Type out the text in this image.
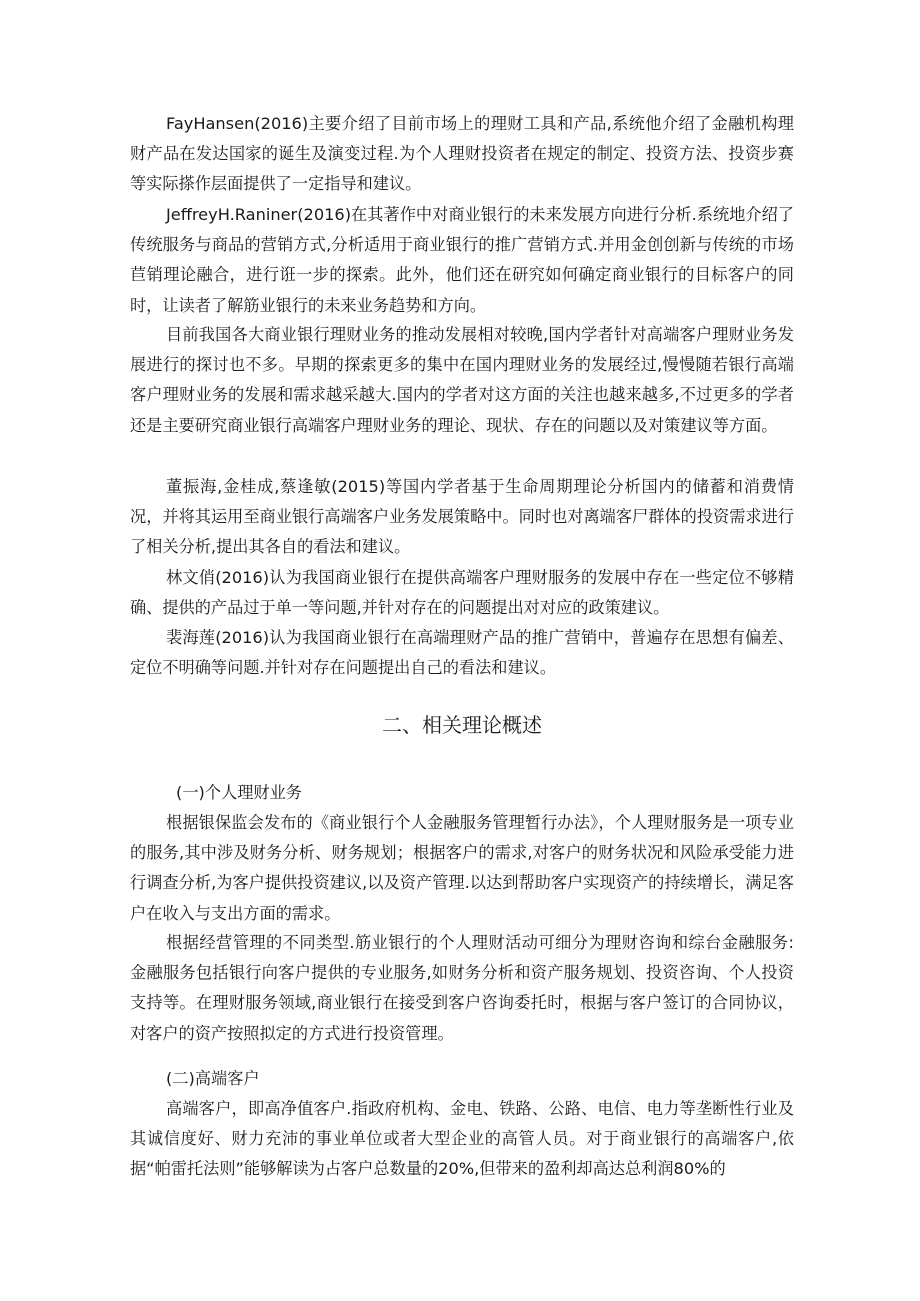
FayHansen(2016)主要介绍了目前市场上的理财工具和产品,系统他介绍了金融机构理财产品在发达国家的诞生及演变过程.为个人理财投资者在规定的制定、投资方法、投资步赛等实际搽作层面提供了一定指导和建议。

JeffreyH.Raniner(2016)在其著作中对商业银行的未来发展方向进行分析.系统地介绍了传统服务与商品的营销方式,分析适用于商业银行的推广营销方式.并用金创创新与传统的市场苣销理论融合，进行诳一步的探索。此外，他们还在研究如何确定商业银行的目标客户的同时，让读者了解筋业银行的未来业务趋势和方向。

目前我国各大商业银行理财业务的推动发展相对较晚,国内学者针对高端客户理财业务发展进行的探讨也不多。早期的探索更多的集中在国内理财业务的发展经过,慢慢随若银行高端客户理财业务的发展和需求越采越大.国内的学者对这方面的关注也越来越多,不过更多的学者还是主要研究商业银行高端客户理财业务的理论、现状、存在的问题以及对策建议等方面。

董振海,金桂成,蔡逢敏(2015)等国内学者基于生命周期理论分析国内的储蓄和消费情况，并将其运用至商业银行高端客户业务发展策略中。同时也对离端客尸群体的投资需求进行了相关分析,提出其各自的看法和建议。

林文俏(2016)认为我国商业银行在提供高端客户理财服务的发展中存在一些定位不够精确、提供的产品过于单一等问题,并针对存在的问题提出对对应的政策建议。

裴海莲(2016)认为我国商业银行在高端理财产品的推广营销中，普遍存在思想有偏差、定位不明确等问题.并针对存在问题提出自己的看法和建议。

二、相关理论概述

(一)个人理财业务

根据银保监会发布的《商业银行个人金融服务管理暂行办法》，个人理财服务是一项专业的服务,其中涉及财务分析、财务规划；根据客户的需求,对客户的财务状况和风险承受能力进行调查分析,为客户提供投资建议,以及资产管理.以达到帮助客户实现资产的持续增长，满足客户在收入与支出方面的需求。

根据经营管理的不同类型.筋业银行的个人理财活动可细分为理财咨询和综台金融服务: 金融服务包括银行向客户提供的专业服务,如财务分析和资产服务规划、投资咨询、个人投资支持等。在理财服务领域,商业银行在接受到客户咨询委托时，根据与客户签订的合同协议，对客户的资产按照拟定的方式进行投资管理。

(二)高端客户

高端客户，即高净值客户.指政府机构、金电、铁路、公路、电信、电力等垄断性行业及其诚信度好、财力充沛的事业单位或者大型企业的高管人员。对于商业银行的高端客户,依据“帕雷托法则”能够解读为占客户总数量的20%,但带来的盈利却高达总利润80%的
